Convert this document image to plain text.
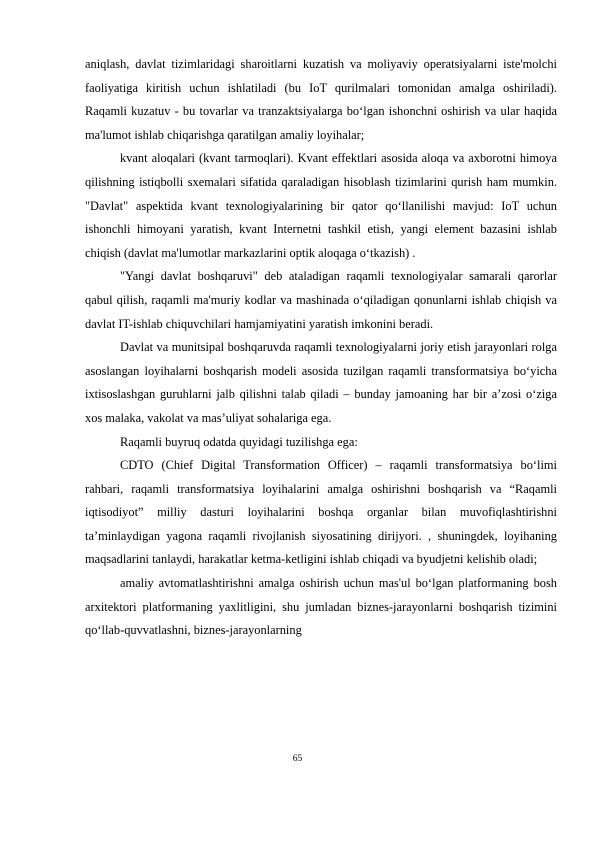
aniqlash, davlat tizimlaridagi sharoitlarni kuzatish va moliyaviy operatsiyalarni iste'molchi faoliyatiga kiritish uchun ishlatiladi (bu IoT qurilmalari tomonidan amalga oshiriladi). Raqamli kuzatuv - bu tovarlar va tranzaktsiyalarga bo‘lgan ishonchni oshirish va ular haqida ma'lumot ishlab chiqarishga qaratilgan amaliy loyihalar;

kvant aloqalari (kvant tarmoqlari). Kvant effektlari asosida aloqa va axborotni himoya qilishning istiqbolli sxemalari sifatida qaraladigan hisoblash tizimlarini qurish ham mumkin. "Davlat" aspektida kvant texnologiyalarining bir qator qo‘llanilishi mavjud: IoT uchun ishonchli himoyani yaratish, kvant Internetni tashkil etish, yangi element bazasini ishlab chiqish (davlat ma'lumotlar markazlarini optik aloqaga o‘tkazish) .

"Yangi davlat boshqaruvi" deb ataladigan raqamli texnologiyalar samarali qarorlar qabul qilish, raqamli ma'muriy kodlar va mashinada o‘qiladigan qonunlarni ishlab chiqish va davlat IT-ishlab chiquvchilari hamjamiyatini yaratish imkonini beradi.

Davlat va munitsipal boshqaruvda raqamli texnologiyalarni joriy etish jarayonlari rolga asoslangan loyihalarni boshqarish modeli asosida tuzilgan raqamli transformatsiya bo‘yicha ixtisoslashgan guruhlarni jalb qilishni talab qiladi – bunday jamoaning har bir a’zosi o‘ziga xos malaka, vakolat va mas’uliyat sohalariga ega.

Raqamli buyruq odatda quyidagi tuzilishga ega:

CDTO (Chief Digital Transformation Officer) – raqamli transformatsiya bo‘limi rahbari, raqamli transformatsiya loyihalarini amalga oshirishni boshqarish va “Raqamli iqtisodiyot” milliy dasturi loyihalarini boshqa organlar bilan muvofiqlashtirishni ta’minlaydigan yagona raqamli rivojlanish siyosatining dirijyori. , shuningdek, loyihaning maqsadlarini tanlaydi, harakatlar ketma-ketligini ishlab chiqadi va byudjetni kelishib oladi;

amaliy avtomatlashtirishni amalga oshirish uchun mas'ul bo‘lgan platformaning bosh arxitektori platformaning yaxlitligini, shu jumladan biznes-jarayonlarni boshqarish tizimini qo‘llab-quvvatlashni, biznes-jarayonlarning

65
